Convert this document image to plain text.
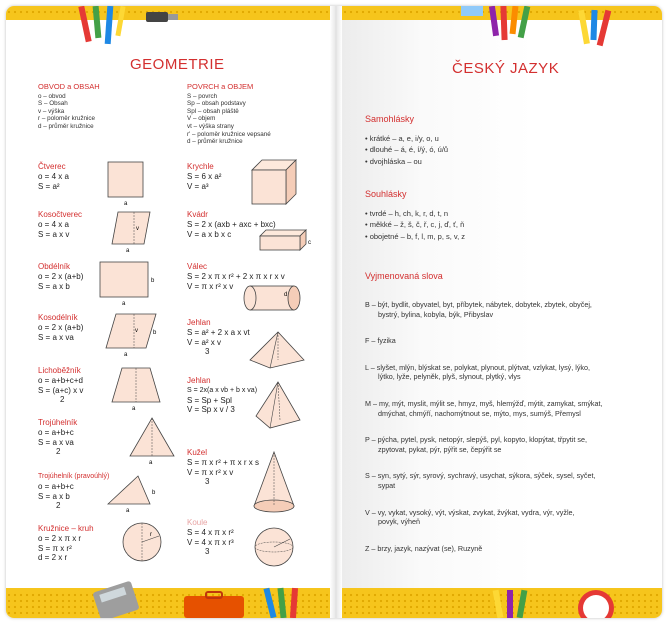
GEOMETRIE
OBVOD a OBSAH
o – obvod
S – Obsah
v – výška
r – poloměr kružnice
d – průměr kružnice
POVRCH a OBJEM
S – povrch
Sp – obsah podstavy
Spl – obsah pláště
V – objem
vt – výška strany
r' – poloměr kružnice vepsané
d – průměr kružnice
Čtverec
o = 4 x a
S = a²
a
Kosočtverec
o = 4 x a
S = a x v
v
a
Obdélník
o = 2 x (a+b)
S = a x b
b
a
Kosodélník
o = 2 x (a+b)
S = a x va
v	b
a
Lichoběžník
o = a+b+c+d
S = (a+c) x v
2
a
Trojúhelník
o = a+b+c
S = a x va
2
a
Trojúhelník (pravoúhlý)
o = a+b+c
S = a x b
2
b
a
Kružnice – kruh
o = 2 x π x r
S = π x r²
d = 2 x r
r
Krychle
S = 6 x a²
V = a³
Kvádr
S = 2 x (axb + axc + bxc)
V = a x b x c
c
Válec
S = 2 x π x r² + 2 x π x r x v
V = π x r² x v
d
Jehlan
S = a² + 2 x a x vt
V = a² x v
3
Jehlan
S = 2x(a x vb + b x va)
S = Sp + Spl
V = Sp x v / 3
Kužel
S = π x r² + π x r x s
V = π x r² x v
3
Koule
S = 4 x π x r²
V = 4 x π x r³
3
ČESKÝ JAZYK
Samohlásky
• krátké – a, e, i/y, o, u
• dlouhé – á, é, í/ý, ó, ú/ů
• dvojhláska – ou
Souhlásky
• tvrdé – h, ch, k, r, d, t, n
• měkké – ž, š, č, ř, c, j, ď, ť, ň
• obojetné – b, f, l, m, p, s, v, z
Vyjmenovaná slova
B – být, bydlit, obyvatel, byt, příbytek, nábytek, dobytek, zbytek, obyčej,
bystrý, bylina, kobyla, býk, Přibyslav
F – fyzika
L – slyšet, mlýn, blýskat se, polykat, plynout, plýtvat, vzlykat, lysý, lýko,
lýtko, lyže, pelyněk, plyš, slynout, plytký, vlys
M – my, mýt, myslit, mýlit se, hmyz, myš, hlemýžď, mýtit, zamykat, smýkat,
dmýchat, chmýří, nachomýtnout se, mýto, mys, sumýš, Přemysl
P – pýcha, pytel, pysk, netopýr, slepýš, pyl, kopyto, klopýtat, třpytit se,
zpytovat, pykat, pýr, pýřit se, čepýřit se
S – syn, sytý, sýr, syrový, sychravý, usychat, sýkora, sýček, sysel, syčet,
sypat
V – vy, vykat, vysoký, výt, výskat, zvykat, žvýkat, vydra, výr, vyžle,
povyk, výheň
Z – brzy, jazyk, nazývat (se), Ruzyně
